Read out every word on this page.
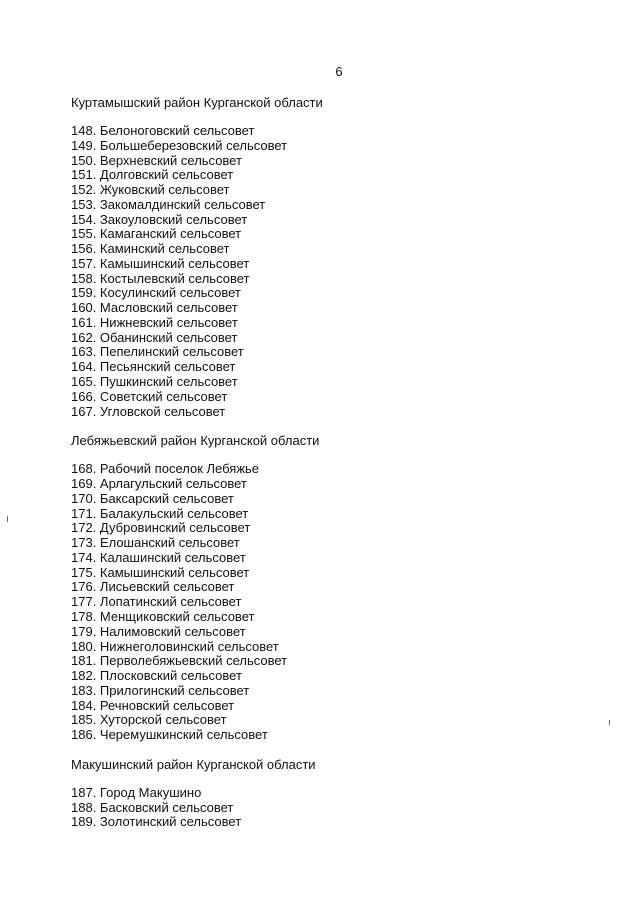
6
Куртамышский район Курганской области
148. Белоноговский сельсовет
149. Большеберезовский сельсовет
150. Верхневский сельсовет
151. Долговский сельсовет
152. Жуковский сельсовет
153. Закомалдинский сельсовет
154. Закоуловский сельсовет
155. Камаганский сельсовет
156. Каминский сельсовет
157. Камышинский сельсовет
158. Костылевский сельсовет
159. Косулинский сельсовет
160. Масловский сельсовет
161. Нижневский сельсовет
162. Обанинский сельсовет
163. Пепелинский сельсовет
164. Песьянский сельсовет
165. Пушкинский сельсовет
166. Советский сельсовет
167. Угловской сельсовет
Лебяжьевский район Курганской области
168. Рабочий поселок Лебяжье
169. Арлагульский сельсовет
170. Баксарский сельсовет
171. Балакульский сельсовет
172. Дубровинский сельсовет
173. Елошанский сельсовет
174. Калашинский сельсовет
175. Камышинский сельсовет
176. Лисьевский сельсовет
177. Лопатинский сельсовет
178. Менщиковский сельсовет
179. Налимовский сельсовет
180. Нижнеголовинский сельсовет
181. Перволебяжьевский сельсовет
182. Плосковский сельсовет
183. Прилогинский сельсовет
184. Речновский сельсовет
185. Хуторской сельсовет
186. Черемушкинский сельсовет
Макушинский район Курганской области
187. Город Макушино
188. Басковский сельсовет
189. Золотинский сельсовет
